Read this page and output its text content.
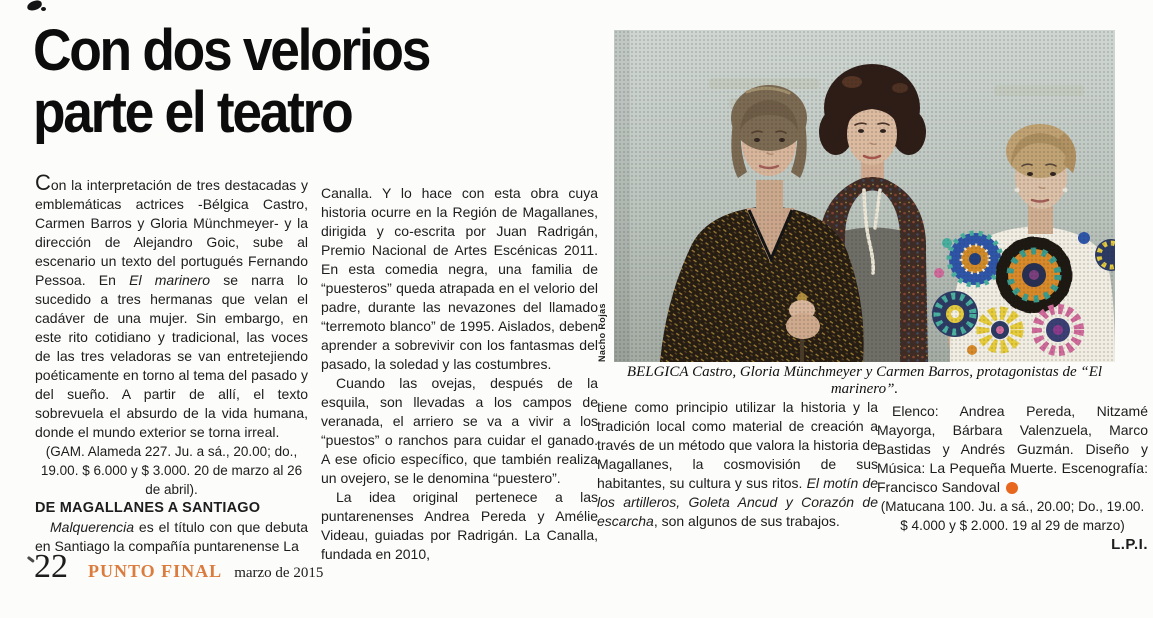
Con dos velorios
parte el teatro

Con la interpretación de tres destacadas y emblemáticas actrices -Bélgica Castro, Carmen Barros y Gloria Münchmeyer- y la dirección de Alejandro Goic, sube al escenario un texto del portugués Fernando Pessoa. En El marinero se narra lo sucedido a tres hermanas que velan el cadáver de una mujer. Sin embargo, en este rito cotidiano y tradicional, las voces de las tres veladoras se van entretejiendo poéticamente en torno al tema del pasado y del sueño. A partir de allí, el texto sobrevuela el absurdo de la vida humana, donde el mundo exterior se torna irreal.

(GAM. Alameda 227. Ju. a sá., 20.00; do., 19.00. $ 6.000 y $ 3.000. 20 de marzo al 26 de abril).

DE MAGALLANES A SANTIAGO

Malquerencia es el título con que debuta en Santiago la compañía puntarenense La

Canalla. Y lo hace con esta obra cuya historia ocurre en la Región de Magallanes, dirigida y co-escrita por Juan Radrigán, Premio Nacional de Artes Escénicas 2011. En esta comedia negra, una familia de “puesteros” queda atrapada en el velorio del padre, durante las nevazones del llamado “terremoto blanco” de 1995. Aislados, deben aprender a sobrevivir con los fantasmas del pasado, la soledad y las costumbres.

Cuando las ovejas, después de la esquila, son llevadas a los campos de veranada, el arriero se va a vivir a los “puestos” o ranchos para cuidar el ganado. A ese oficio específico, que también realiza un ovejero, se le denomina “puestero”.

La idea original pertenece a las puntarenenses Andrea Pereda y Amélie Videau, guiadas por Radrigán. La Canalla, fundada en 2010,

Nacho Rojas
BELGICA Castro, Gloria Münchmeyer y Carmen Barros, protagonistas de “El marinero”.

tiene como principio utilizar la historia y la tradición local como material de creación a través de un método que valora la historia de Magallanes, la cosmovisión de sus habitantes, su cultura y sus ritos. El motín de los artilleros, Goleta Ancud y Corazón de escarcha, son algunos de sus trabajos.

Elenco: Andrea Pereda, Nitzamé Mayorga, Bárbara Valenzuela, Marco Bastidas y Andrés Guzmán. Diseño y Música: La Pequeña Muerte. Escenografía: Francisco Sandoval

(Matucana 100. Ju. a sá., 20.00; Do., 19.00. $ 4.000 y $ 2.000. 19 al 29 de marzo)

L.P.I.

22 PUNTO FINAL marzo de 2015
